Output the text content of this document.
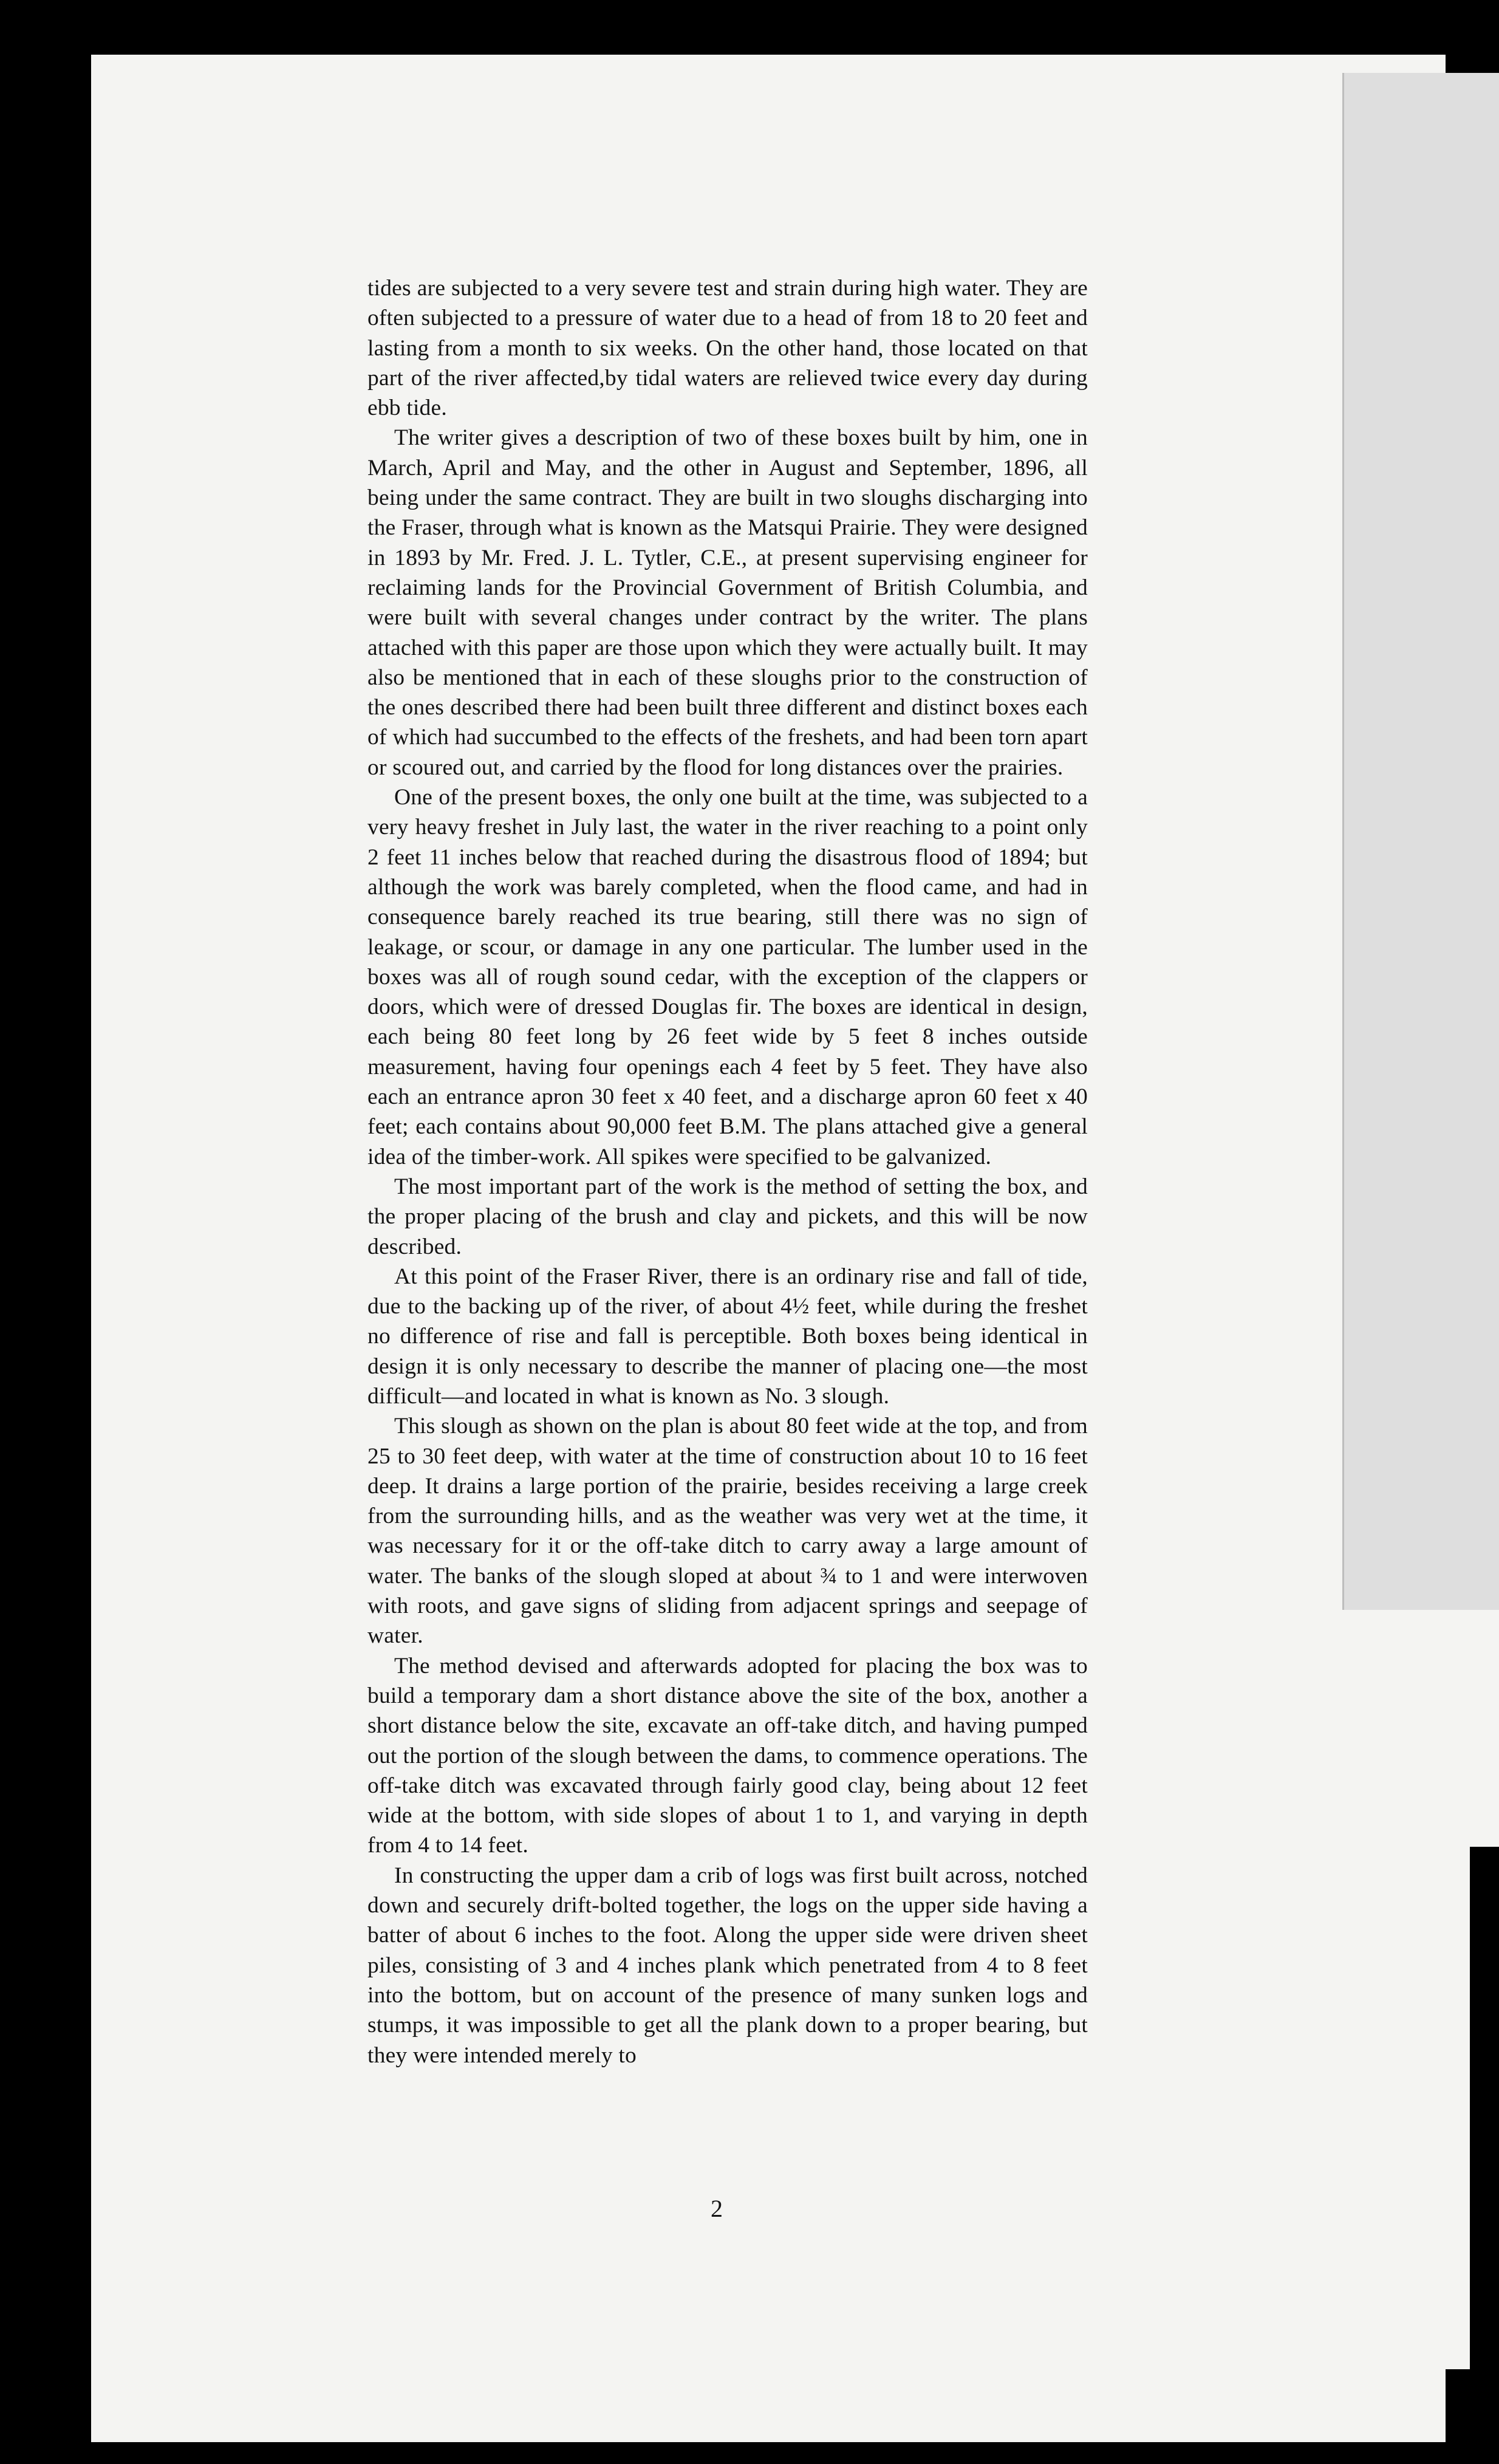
tides are subjected to a very severe test and strain during high water. They are often subjected to a pressure of water due to a head of from 18 to 20 feet and lasting from a month to six weeks. On the other hand, those located on that part of the river affected,by tidal waters are relieved twice every day during ebb tide.

The writer gives a description of two of these boxes built by him, one in March, April and May, and the other in August and September, 1896, all being under the same contract. They are built in two sloughs discharging into the Fraser, through what is known as the Matsqui Prairie. They were designed in 1893 by Mr. Fred. J. L. Tytler, C.E., at present supervising engineer for reclaiming lands for the Provincial Government of British Columbia, and were built with several changes under contract by the writer. The plans attached with this paper are those upon which they were actually built. It may also be mentioned that in each of these sloughs prior to the construction of the ones described there had been built three different and distinct boxes each of which had succumbed to the effects of the freshets, and had been torn apart or scoured out, and carried by the flood for long distances over the prairies.

One of the present boxes, the only one built at the time, was subjected to a very heavy freshet in July last, the water in the river reaching to a point only 2 feet 11 inches below that reached during the disastrous flood of 1894; but although the work was barely completed, when the flood came, and had in consequence barely reached its true bearing, still there was no sign of leakage, or scour, or damage in any one particular. The lumber used in the boxes was all of rough sound cedar, with the exception of the clappers or doors, which were of dressed Douglas fir. The boxes are identical in design, each being 80 feet long by 26 feet wide by 5 feet 8 inches outside measurement, having four openings each 4 feet by 5 feet. They have also each an entrance apron 30 feet x 40 feet, and a discharge apron 60 feet x 40 feet; each contains about 90,000 feet B.M. The plans attached give a general idea of the timber-work. All spikes were specified to be galvanized.

The most important part of the work is the method of setting the box, and the proper placing of the brush and clay and pickets, and this will be now described.

At this point of the Fraser River, there is an ordinary rise and fall of tide, due to the backing up of the river, of about 4½ feet, while during the freshet no difference of rise and fall is perceptible. Both boxes being identical in design it is only necessary to describe the manner of placing one—the most difficult—and located in what is known as No. 3 slough.

This slough as shown on the plan is about 80 feet wide at the top, and from 25 to 30 feet deep, with water at the time of construction about 10 to 16 feet deep. It drains a large portion of the prairie, besides receiving a large creek from the surrounding hills, and as the weather was very wet at the time, it was necessary for it or the off-take ditch to carry away a large amount of water. The banks of the slough sloped at about ¾ to 1 and were interwoven with roots, and gave signs of sliding from adjacent springs and seepage of water.

The method devised and afterwards adopted for placing the box was to build a temporary dam a short distance above the site of the box, another a short distance below the site, excavate an off-take ditch, and having pumped out the portion of the slough between the dams, to commence operations. The off-take ditch was excavated through fairly good clay, being about 12 feet wide at the bottom, with side slopes of about 1 to 1, and varying in depth from 4 to 14 feet.

In constructing the upper dam a crib of logs was first built across, notched down and securely drift-bolted together, the logs on the upper side having a batter of about 6 inches to the foot. Along the upper side were driven sheet piles, consisting of 3 and 4 inches plank which penetrated from 4 to 8 feet into the bottom, but on account of the presence of many sunken logs and stumps, it was impossible to get all the plank down to a proper bearing, but they were intended merely to

2
